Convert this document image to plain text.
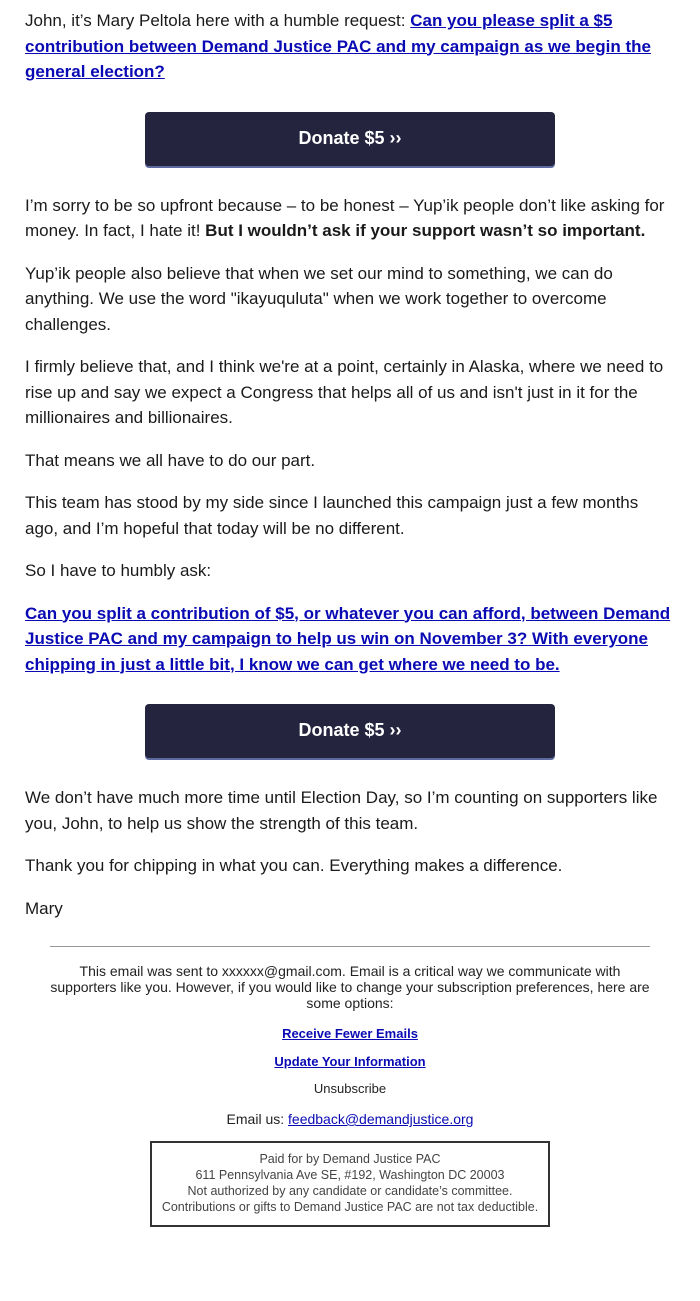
John, it’s Mary Peltola here with a humble request: Can you please split a $5 contribution between Demand Justice PAC and my campaign as we begin the general election?

Donate $5 ››

I’m sorry to be so upfront because – to be honest – Yup’ik people don’t like asking for money. In fact, I hate it! But I wouldn’t ask if your support wasn’t so important.

Yup’ik people also believe that when we set our mind to something, we can do anything. We use the word "ikayuquluta" when we work together to overcome challenges.

I firmly believe that, and I think we're at a point, certainly in Alaska, where we need to rise up and say we expect a Congress that helps all of us and isn't just in it for the millionaires and billionaires.

That means we all have to do our part.

This team has stood by my side since I launched this campaign just a few months ago, and I’m hopeful that today will be no different.

So I have to humbly ask:

Can you split a contribution of $5, or whatever you can afford, between Demand Justice PAC and my campaign to help us win on November 3? With everyone chipping in just a little bit, I know we can get where we need to be.

Donate $5 ››

We don’t have much more time until Election Day, so I’m counting on supporters like you, John, to help us show the strength of this team.

Thank you for chipping in what you can. Everything makes a difference.

Mary

This email was sent to xxxxxx@gmail.com. Email is a critical way we communicate with supporters like you. However, if you would like to change your subscription preferences, here are some options:

Receive Fewer Emails

Update Your Information

Unsubscribe

Email us: feedback@demandjustice.org

Paid for by Demand Justice PAC
611 Pennsylvania Ave SE, #192, Washington DC 20003
Not authorized by any candidate or candidate’s committee.
Contributions or gifts to Demand Justice PAC are not tax deductible.
